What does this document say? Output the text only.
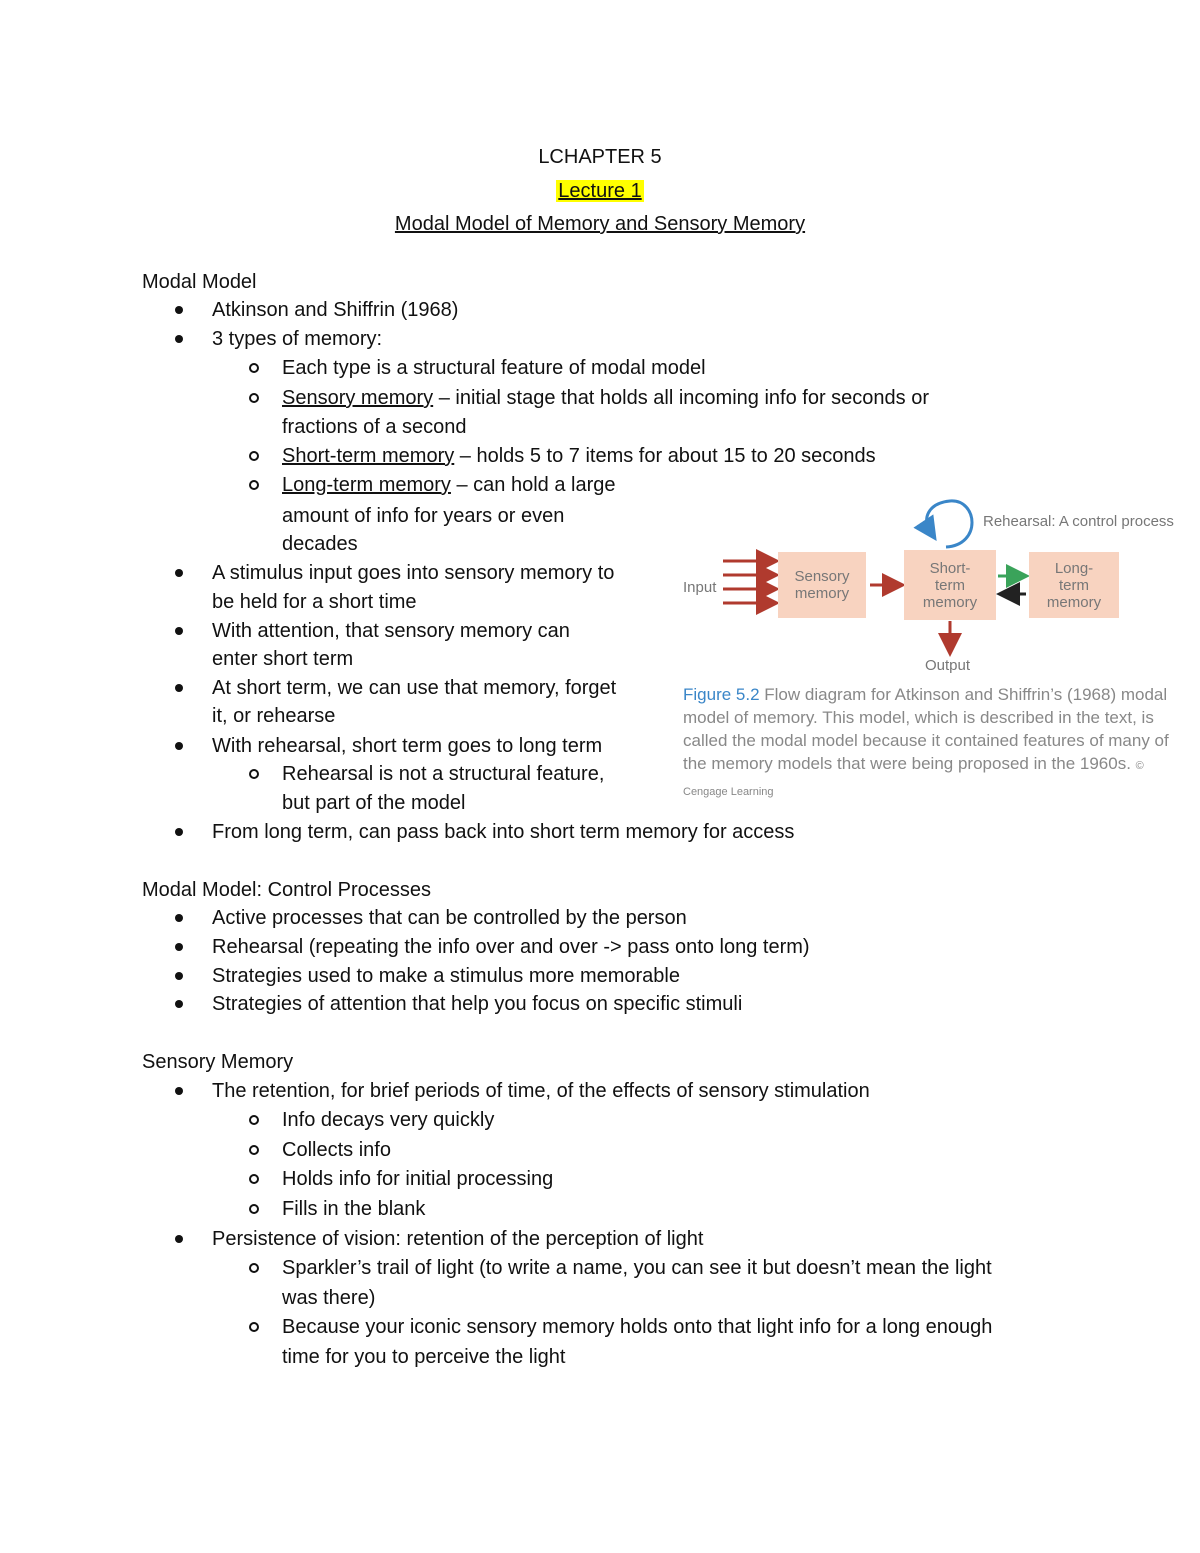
LCHAPTER 5
Lecture 1
Modal Model of Memory and Sensory Memory
Modal Model
Atkinson and Shiffrin (1968)
3 types of memory:
Each type is a structural feature of modal model
Sensory memory – initial stage that holds all incoming info for seconds or
fractions of a second
Short-term memory – holds 5 to 7 items for about 15 to 20 seconds
Long-term memory – can hold a large
amount of info for years or even
decades
A stimulus input goes into sensory memory to
be held for a short time
With attention, that sensory memory can
enter short term
At short term, we can use that memory, forget
it, or rehearse
With rehearsal, short term goes to long term
Rehearsal is not a structural feature,
but part of the model
From long term, can pass back into short term memory for access
Rehearsal: A control process
Input
Sensory memory
Short-term memory
Long-term memory
Output
Figure 5.2 Flow diagram for Atkinson and Shiffrin’s (1968) modal model of memory. This model, which is described in the text, is called the modal model because it contained features of many of the memory models that were being proposed in the 1960s. © Cengage Learning
Modal Model: Control Processes
Active processes that can be controlled by the person
Rehearsal (repeating the info over and over -> pass onto long term)
Strategies used to make a stimulus more memorable
Strategies of attention that help you focus on specific stimuli
Sensory Memory
The retention, for brief periods of time, of the effects of sensory stimulation
Info decays very quickly
Collects info
Holds info for initial processing
Fills in the blank
Persistence of vision: retention of the perception of light
Sparkler’s trail of light (to write a name, you can see it but doesn’t mean the light
was there)
Because your iconic sensory memory holds onto that light info for a long enough
time for you to perceive the light
